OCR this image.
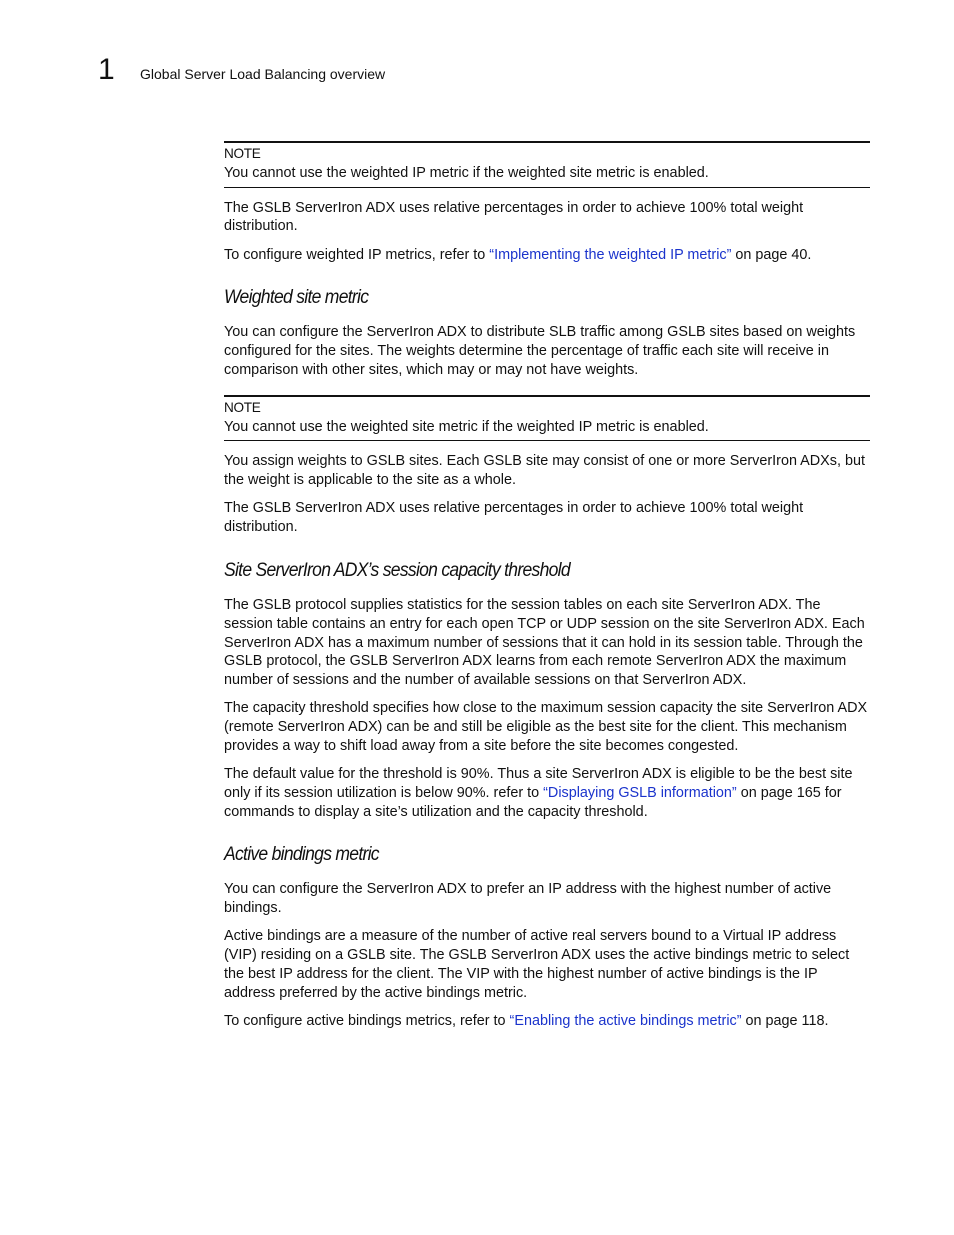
1 Global Server Load Balancing overview
NOTE
You cannot use the weighted IP metric if the weighted site metric is enabled.

The GSLB ServerIron ADX uses relative percentages in order to achieve 100% total weight distribution.

To configure weighted IP metrics, refer to “Implementing the weighted IP metric” on page 40.

Weighted site metric

You can configure the ServerIron ADX to distribute SLB traffic among GSLB sites based on weights configured for the sites. The weights determine the percentage of traffic each site will receive in comparison with other sites, which may or may not have weights.

NOTE
You cannot use the weighted site metric if the weighted IP metric is enabled.

You assign weights to GSLB sites. Each GSLB site may consist of one or more ServerIron ADXs, but the weight is applicable to the site as a whole.

The GSLB ServerIron ADX uses relative percentages in order to achieve 100% total weight distribution.

Site ServerIron ADX’s session capacity threshold

The GSLB protocol supplies statistics for the session tables on each site ServerIron ADX. The session table contains an entry for each open TCP or UDP session on the site ServerIron ADX. Each ServerIron ADX has a maximum number of sessions that it can hold in its session table. Through the GSLB protocol, the GSLB ServerIron ADX learns from each remote ServerIron ADX the maximum number of sessions and the number of available sessions on that ServerIron ADX.

The capacity threshold specifies how close to the maximum session capacity the site ServerIron ADX (remote ServerIron ADX) can be and still be eligible as the best site for the client. This mechanism provides a way to shift load away from a site before the site becomes congested.

The default value for the threshold is 90%. Thus a site ServerIron ADX is eligible to be the best site only if its session utilization is below 90%. refer to “Displaying GSLB information” on page 165 for commands to display a site’s utilization and the capacity threshold.

Active bindings metric

You can configure the ServerIron ADX to prefer an IP address with the highest number of active bindings.

Active bindings are a measure of the number of active real servers bound to a Virtual IP address (VIP) residing on a GSLB site. The GSLB ServerIron ADX uses the active bindings metric to select the best IP address for the client. The VIP with the highest number of active bindings is the IP address preferred by the active bindings metric.

To configure active bindings metrics, refer to “Enabling the active bindings metric” on page 118.
